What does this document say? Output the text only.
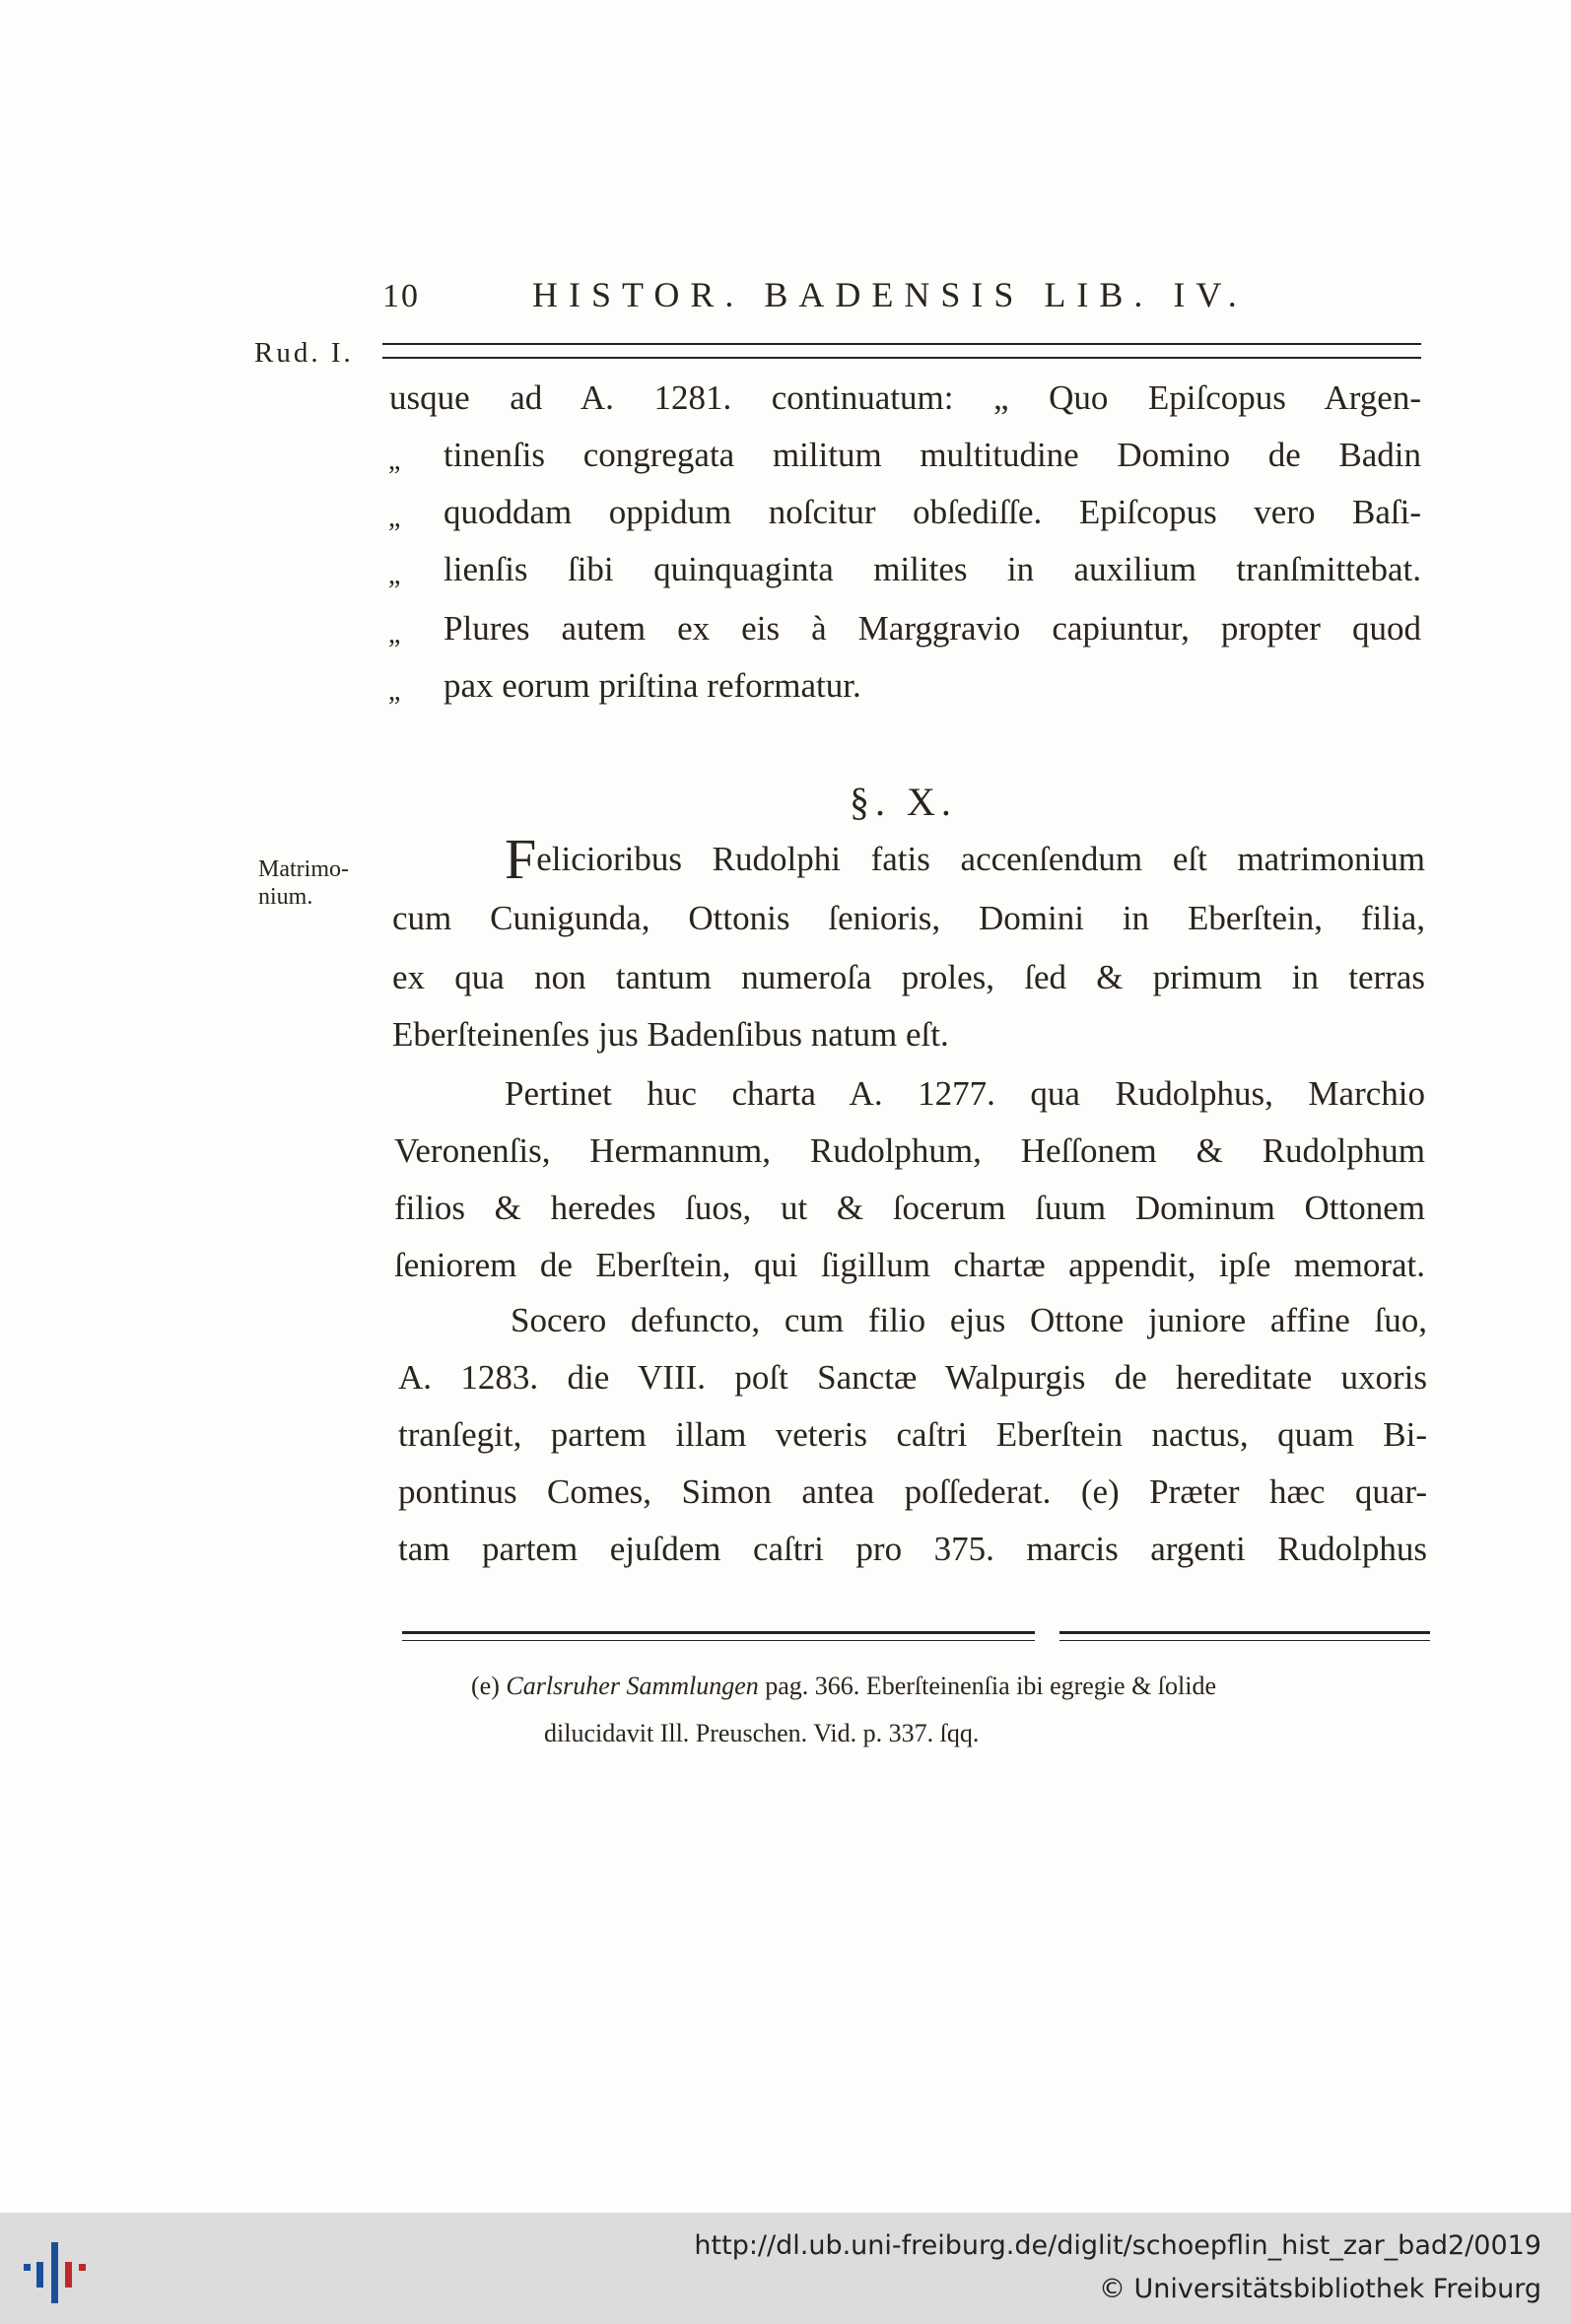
10	HISTOR. BADENSIS LIB. IV.
Rud. I.
usque ad A. 1281. continuatum: „ Quo Epiſcopus Argen-
„	tinenſis congregata militum multitudine Domino de Badin
„	quoddam oppidum noſcitur obſediſſe. Epiſcopus vero Baſi-
„	lienſis ſibi quinquaginta milites in auxilium tranſmittebat.
„	Plures autem ex eis à Marggravio capiuntur, propter quod
„	pax eorum priſtina reformatur.
§. X.
Matrimo-
nium.
F elicioribus Rudolphi fatis accenſendum eſt matrimonium
cum Cunigunda, Ottonis ſenioris, Domini in Eberſtein, filia,
ex qua non tantum numeroſa proles, ſed & primum in terras
Eberſteinenſes jus Badenſibus natum eſt.
Pertinet huc charta A. 1277. qua Rudolphus, Marchio
Veronenſis, Hermannum, Rudolphum, Heſſonem & Rudolphum
filios & heredes ſuos, ut & ſocerum ſuum Dominum Ottonem
ſeniorem de Eberſtein, qui ſigillum chartæ appendit, ipſe memorat.
Socero defuncto, cum filio ejus Ottone juniore affine ſuo,
A. 1283. die VIII. poſt Sanctæ Walpurgis de hereditate uxoris
tranſegit, partem illam veteris caſtri Eberſtein nactus, quam Bi-
pontinus Comes, Simon antea poſſederat. (e) Præter hæc quar-
tam partem ejuſdem caſtri pro 375. marcis argenti Rudolphus
(e) Carlsruher Sammlungen pag. 366. Eberſteinenſia ibi egregie & ſolide
dilucidavit Ill. Preuschen. Vid. p. 337. ſqq.
http://dl.ub.uni-freiburg.de/diglit/schoepflin_hist_zar_bad2/0019
© Universitätsbibliothek Freiburg
